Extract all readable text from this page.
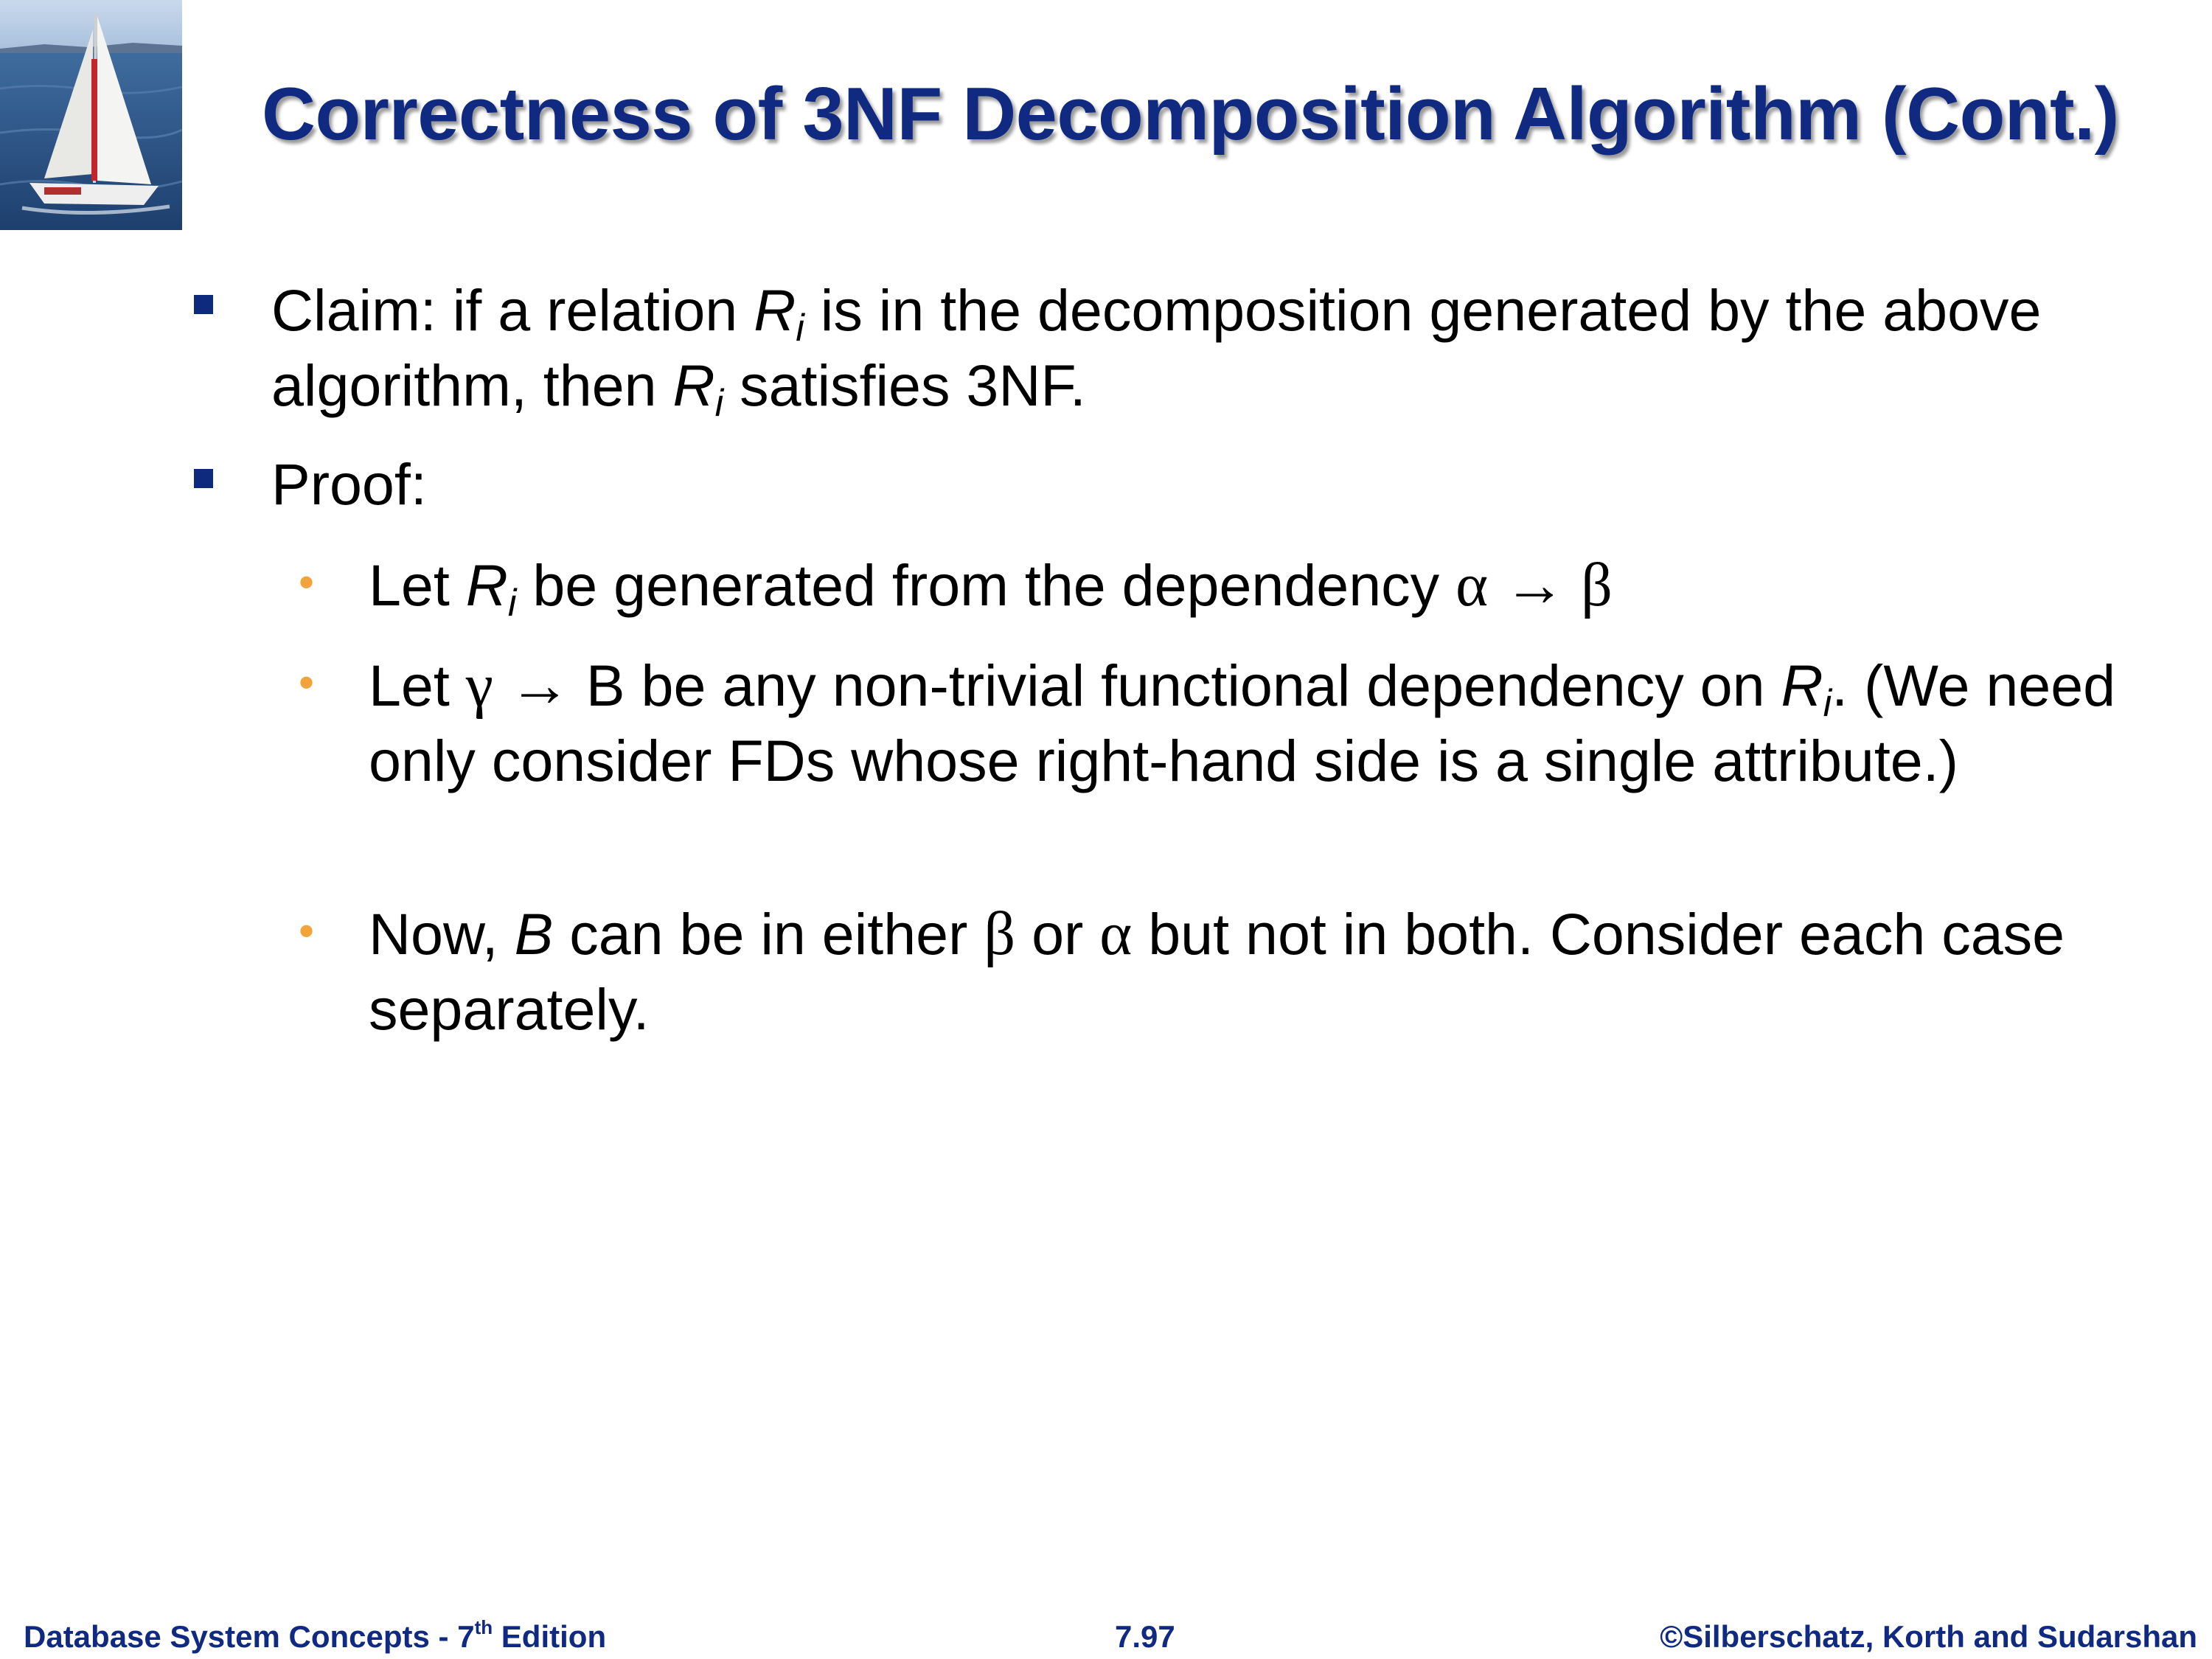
Correctness of 3NF Decomposition Algorithm (Cont.)
Claim: if a relation $R_i$ is in the decomposition generated by the above algorithm, then $R_i$ satisfies 3NF.
Proof:
• Let $R_i$ be generated from the dependency α → β
• Let γ → B be any non-trivial functional dependency on $R_i$. (We need only consider FDs whose right-hand side is a single attribute.)
• Now, B can be in either β or α but not in both. Consider each case separately.
Database System Concepts - 7th Edition	7.97	©Silberschatz, Korth and Sudarshan
